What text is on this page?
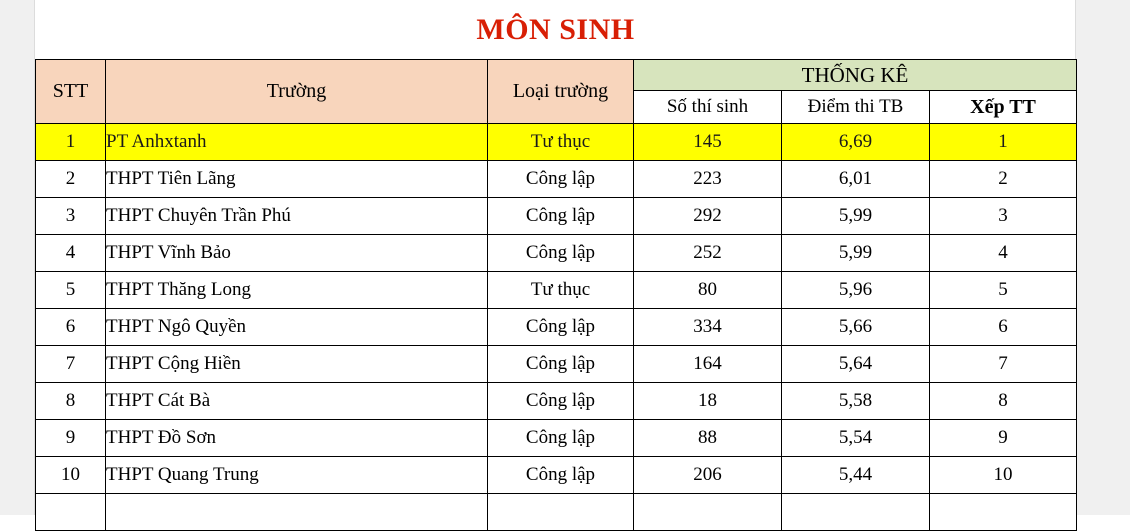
MÔN SINH
STT	Trường	Loại trường	THỐNG KÊ		
			Số thí sinh	Điểm thi TB	Xếp TT
1	PT Anhxtanh	Tư thục	145	6,69	1
2	THPT Tiên Lãng	Công lập	223	6,01	2
3	THPT Chuyên Trần Phú	Công lập	292	5,99	3
4	THPT Vĩnh Bảo	Công lập	252	5,99	4
5	THPT Thăng Long	Tư thục	80	5,96	5
6	THPT Ngô Quyền	Công lập	334	5,66	6
7	THPT Cộng Hiền	Công lập	164	5,64	7
8	THPT Cát Bà	Công lập	18	5,58	8
9	THPT Đồ Sơn	Công lập	88	5,54	9
10	THPT Quang Trung	Công lập	206	5,44	10
